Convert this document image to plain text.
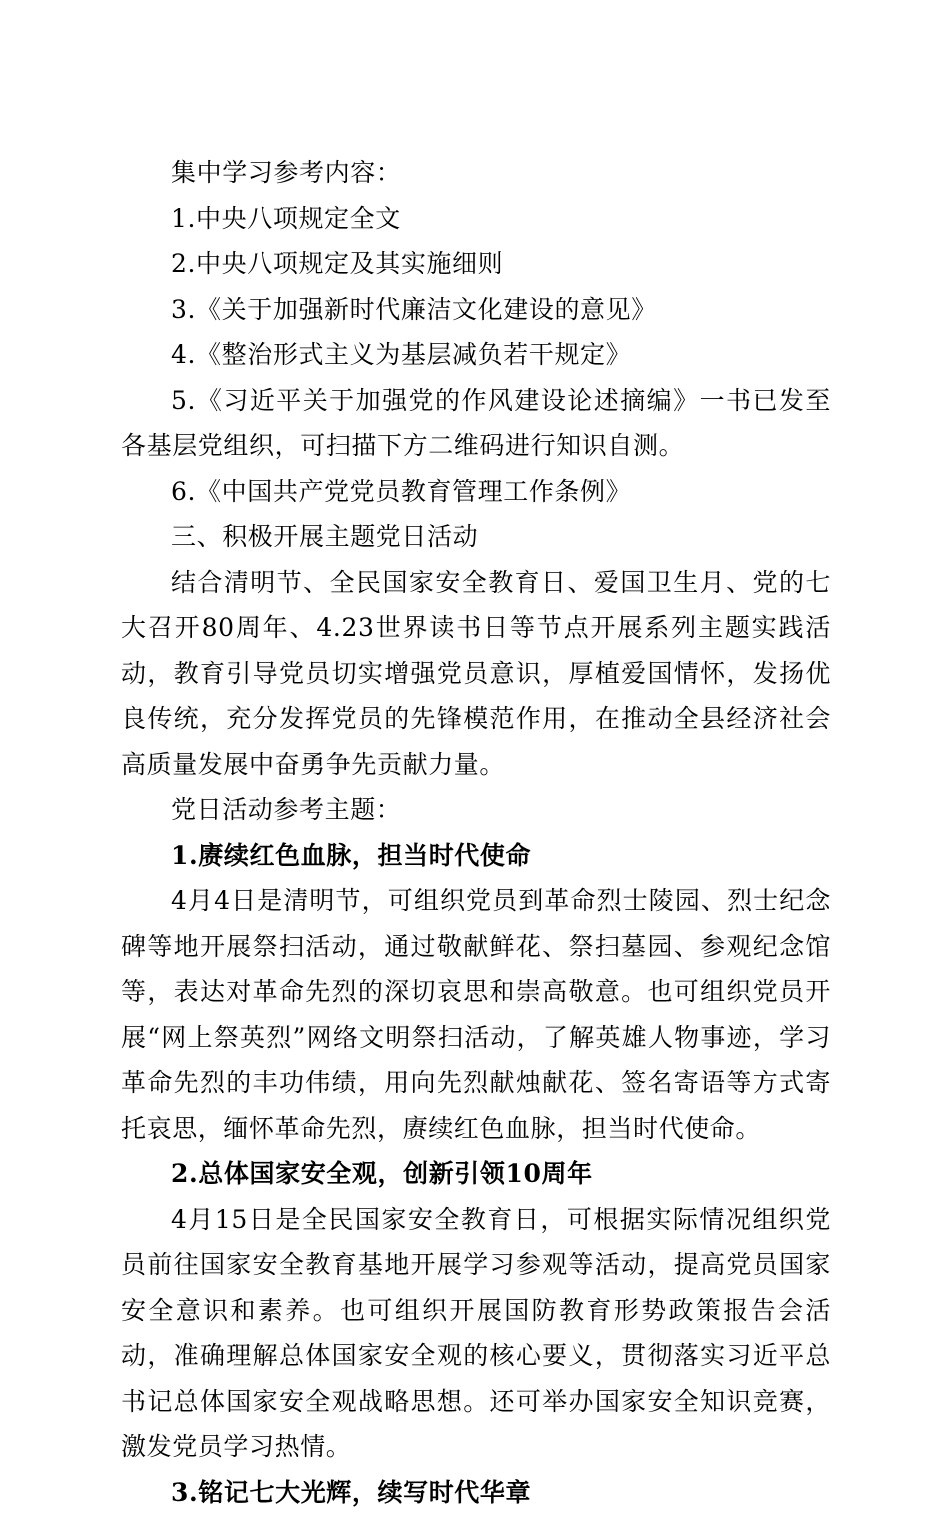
集中学习参考内容：

1.中央八项规定全文

2.中央八项规定及其实施细则

3.《关于加强新时代廉洁文化建设的意见》

4.《整治形式主义为基层减负若干规定》

5.《习近平关于加强党的作风建设论述摘编》一书已发至各基层党组织，可扫描下方二维码进行知识自测。

6.《中国共产党党员教育管理工作条例》

三、积极开展主题党日活动

结合清明节、全民国家安全教育日、爱国卫生月、党的七大召开80周年、4.23世界读书日等节点开展系列主题实践活动，教育引导党员切实增强党员意识，厚植爱国情怀，发扬优良传统，充分发挥党员的先锋模范作用，在推动全县经济社会高质量发展中奋勇争先贡献力量。

党日活动参考主题：

1.赓续红色血脉，担当时代使命

4月4日是清明节，可组织党员到革命烈士陵园、烈士纪念碑等地开展祭扫活动，通过敬献鲜花、祭扫墓园、参观纪念馆等，表达对革命先烈的深切哀思和崇高敬意。也可组织党员开展“网上祭英烈”网络文明祭扫活动，了解英雄人物事迹，学习革命先烈的丰功伟绩，用向先烈献烛献花、签名寄语等方式寄托哀思，缅怀革命先烈，赓续红色血脉，担当时代使命。

2.总体国家安全观，创新引领10周年

4月15日是全民国家安全教育日，可根据实际情况组织党员前往国家安全教育基地开展学习参观等活动，提高党员国家安全意识和素养。也可组织开展国防教育形势政策报告会活动，准确理解总体国家安全观的核心要义，贯彻落实习近平总书记总体国家安全观战略思想。还可举办国家安全知识竞赛，激发党员学习热情。

3.铭记七大光辉，续写时代华章
